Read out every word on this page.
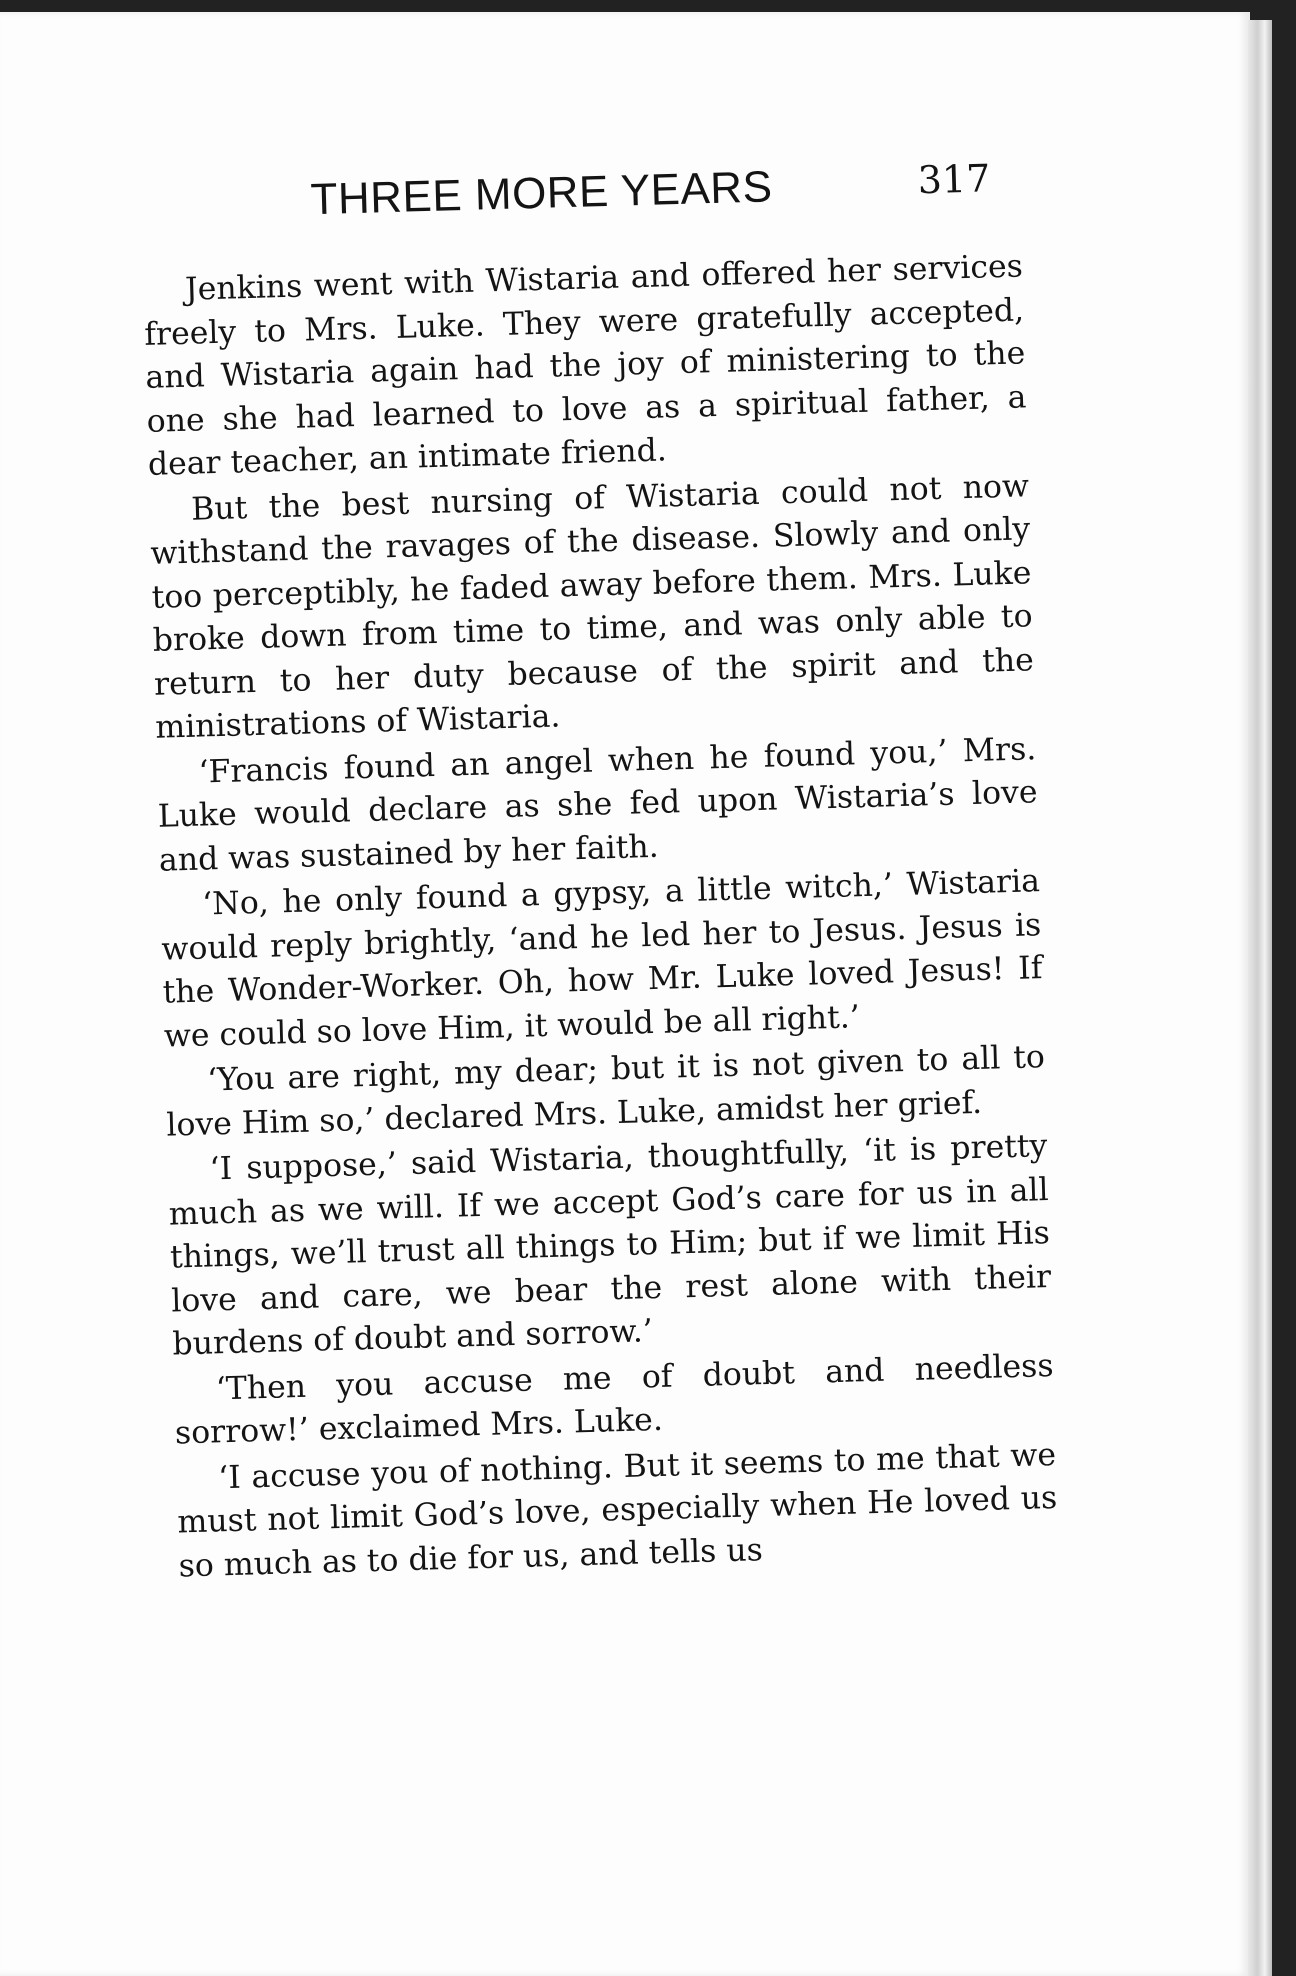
THREE MORE YEARS	317

Jenkins went with Wistaria and offered her services freely to Mrs. Luke. They were gratefully accepted, and Wistaria again had the joy of ministering to the one she had learned to love as a spiritual father, a dear teacher, an intimate friend.

But the best nursing of Wistaria could not now withstand the ravages of the disease. Slowly and only too perceptibly, he faded away before them. Mrs. Luke broke down from time to time, and was only able to return to her duty because of the spirit and the ministrations of Wistaria.

‘Francis found an angel when he found you,’ Mrs. Luke would declare as she fed upon Wistaria’s love and was sustained by her faith.

‘No, he only found a gypsy, a little witch,’ Wistaria would reply brightly, ‘and he led her to Jesus. Jesus is the Wonder-Worker. Oh, how Mr. Luke loved Jesus! If we could so love Him, it would be all right.’

‘You are right, my dear; but it is not given to all to love Him so,’ declared Mrs. Luke, amidst her grief.

‘I suppose,’ said Wistaria, thoughtfully, ‘it is pretty much as we will. If we accept God’s care for us in all things, we’ll trust all things to Him; but if we limit His love and care, we bear the rest alone with their burdens of doubt and sorrow.’

‘Then you accuse me of doubt and needless sorrow!’ exclaimed Mrs. Luke.

‘I accuse you of nothing. But it seems to me that we must not limit God’s love, especially when He loved us so much as to die for us, and tells us
